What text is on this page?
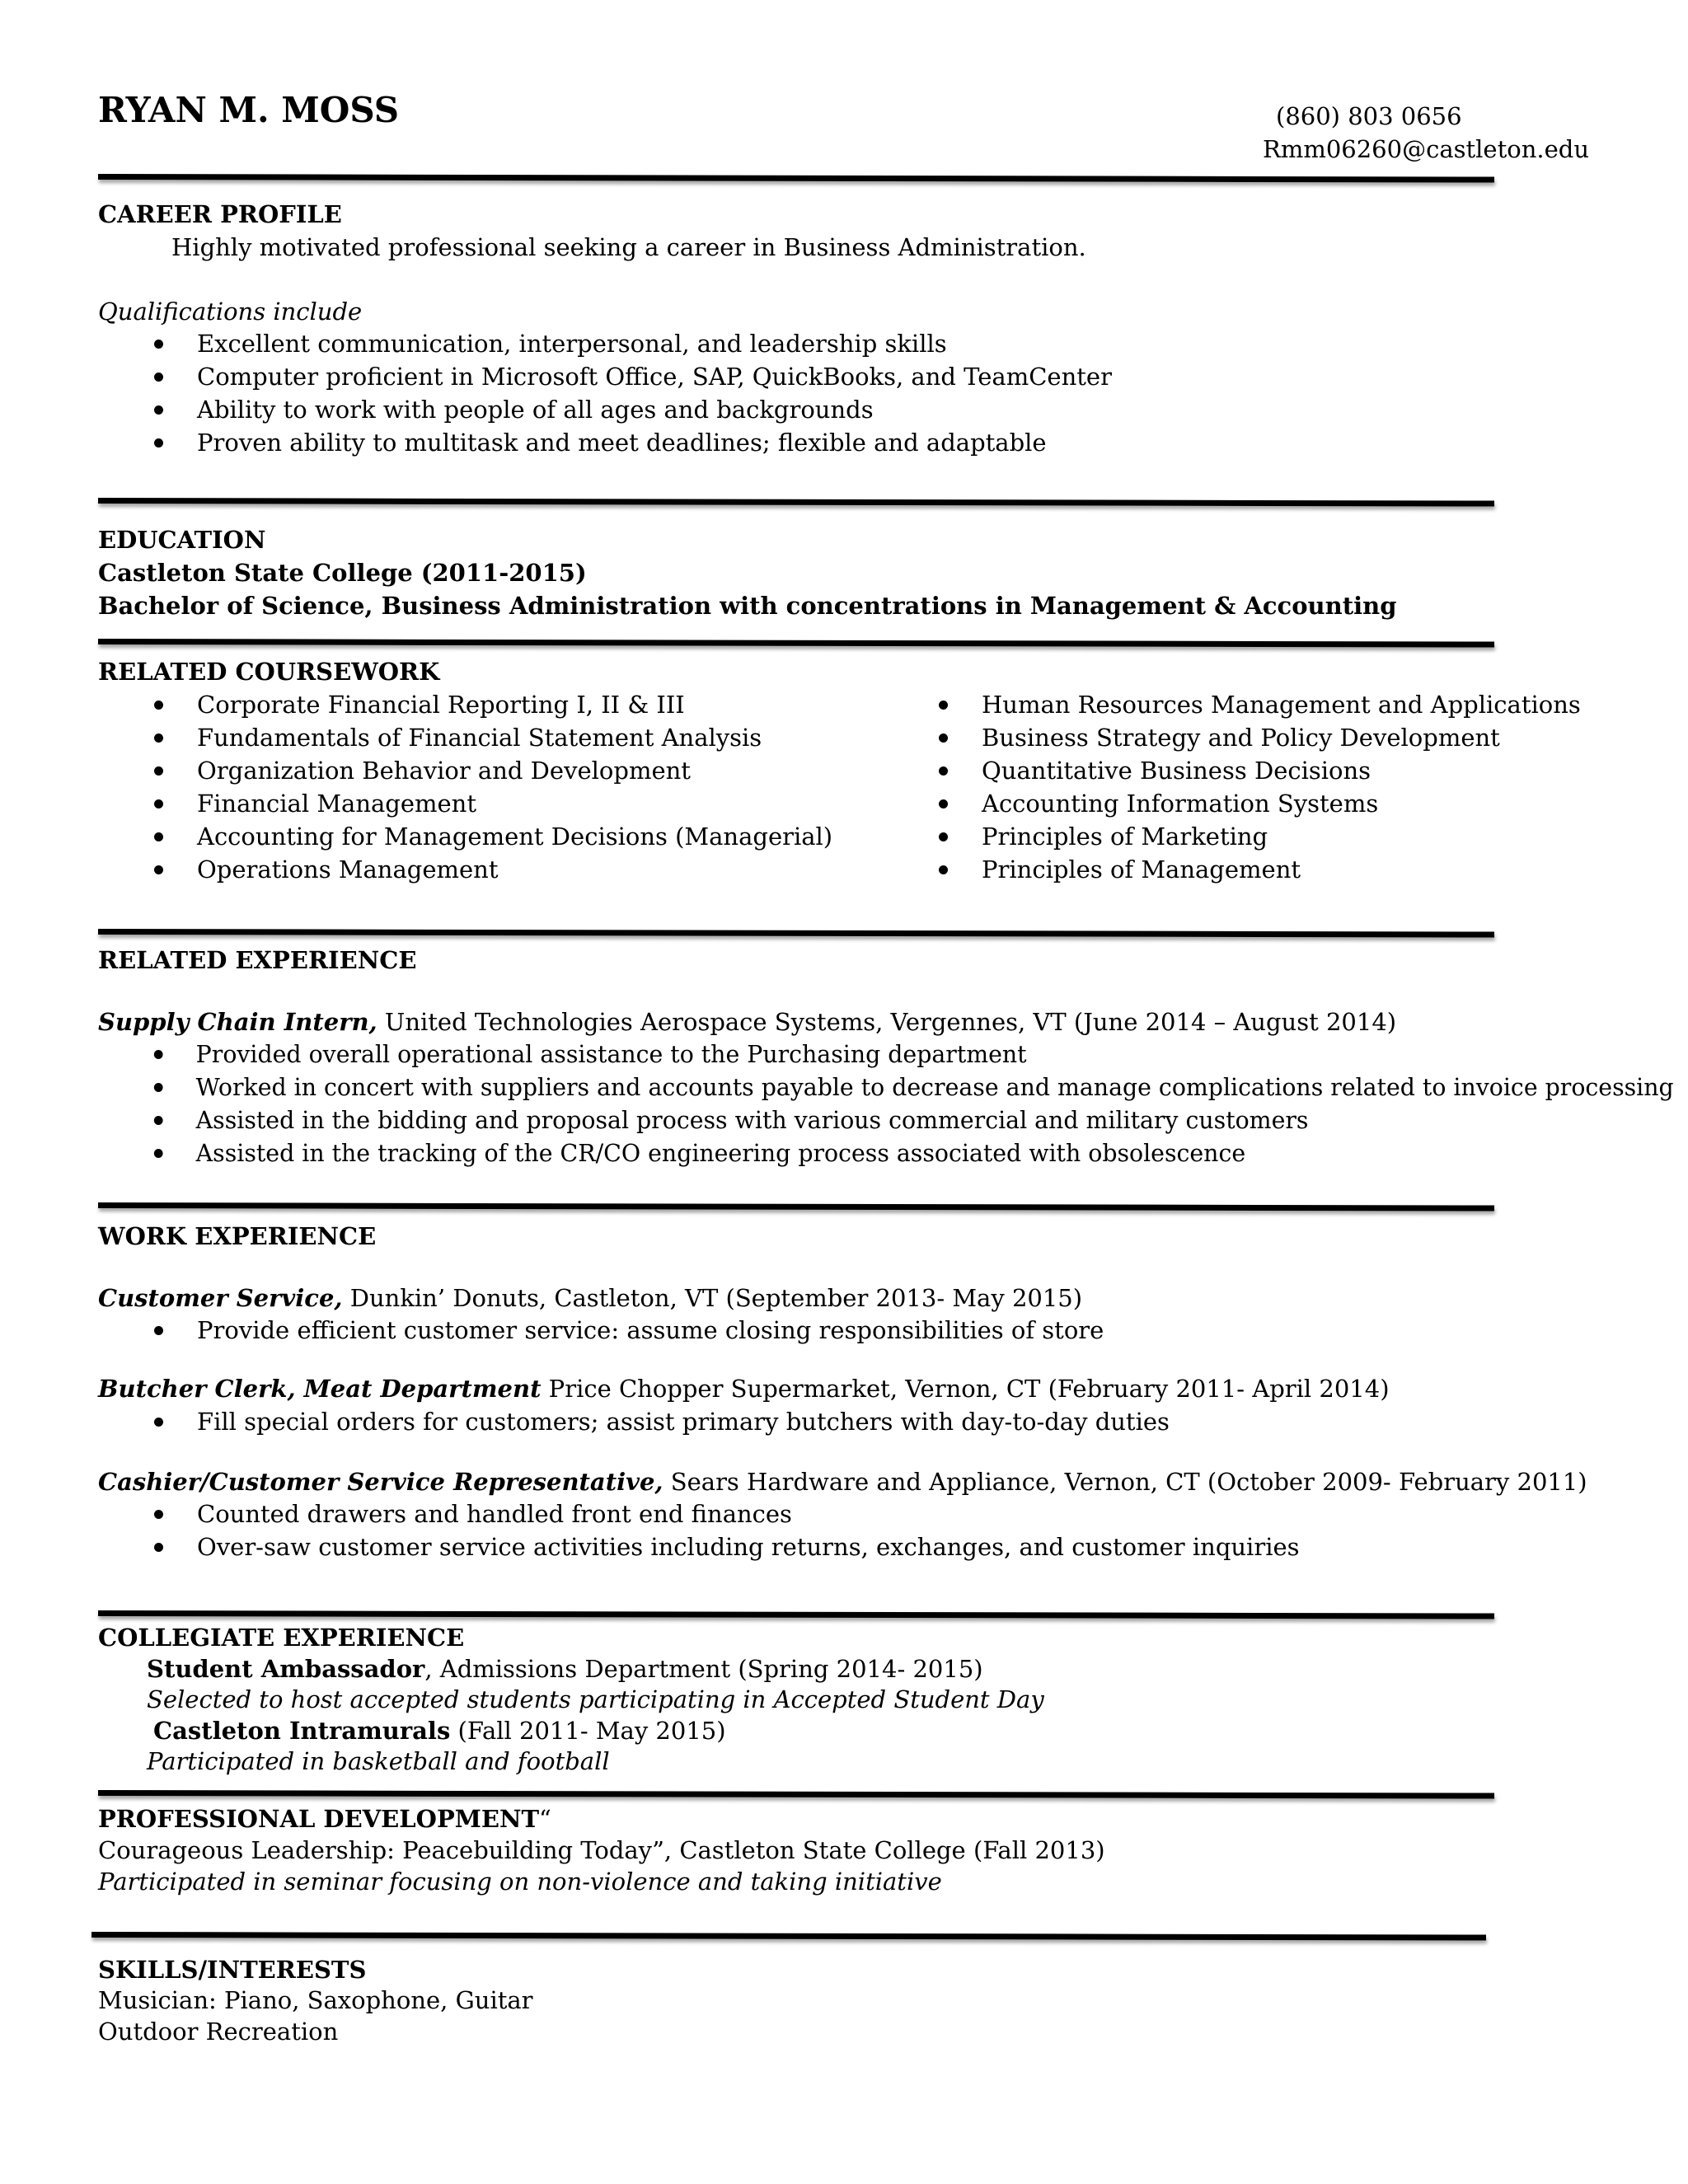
RYAN M. MOSS	(860) 803 0656
Rmm06260@castleton.edu
CAREER PROFILE
Highly motivated professional seeking a career in Business Administration.
Qualifications include
Excellent communication, interpersonal, and leadership skills
Computer proficient in Microsoft Office, SAP, QuickBooks, and TeamCenter
Ability to work with people of all ages and backgrounds
Proven ability to multitask and meet deadlines; flexible and adaptable
EDUCATION
Castleton State College (2011-2015)
Bachelor of Science, Business Administration with concentrations in Management & Accounting
RELATED COURSEWORK
Corporate Financial Reporting I, II & III
Fundamentals of Financial Statement Analysis
Organization Behavior and Development
Financial Management
Accounting for Management Decisions (Managerial)
Operations Management
Human Resources Management and Applications
Business Strategy and Policy Development
Quantitative Business Decisions
Accounting Information Systems
Principles of Marketing
Principles of Management
RELATED EXPERIENCE
Supply Chain Intern, United Technologies Aerospace Systems, Vergennes, VT (June 2014 – August 2014)
Provided overall operational assistance to the Purchasing department
Worked in concert with suppliers and accounts payable to decrease and manage complications related to invoice processing
Assisted in the bidding and proposal process with various commercial and military customers
Assisted in the tracking of the CR/CO engineering process associated with obsolescence
WORK EXPERIENCE
Customer Service, Dunkin’ Donuts, Castleton, VT (September 2013- May 2015)
Provide efficient customer service: assume closing responsibilities of store
Butcher Clerk, Meat Department Price Chopper Supermarket, Vernon, CT (February 2011- April 2014)
Fill special orders for customers; assist primary butchers with day-to-day duties
Cashier/Customer Service Representative, Sears Hardware and Appliance, Vernon, CT (October 2009- February 2011)
Counted drawers and handled front end finances
Over-saw customer service activities including returns, exchanges, and customer inquiries
COLLEGIATE EXPERIENCE
Student Ambassador, Admissions Department (Spring 2014- 2015)
Selected to host accepted students participating in Accepted Student Day
Castleton Intramurals (Fall 2011- May 2015)
Participated in basketball and football
PROFESSIONAL DEVELOPMENT“
Courageous Leadership: Peacebuilding Today”, Castleton State College (Fall 2013)
Participated in seminar focusing on non-violence and taking initiative
SKILLS/INTERESTS
Musician: Piano, Saxophone, Guitar
Outdoor Recreation
